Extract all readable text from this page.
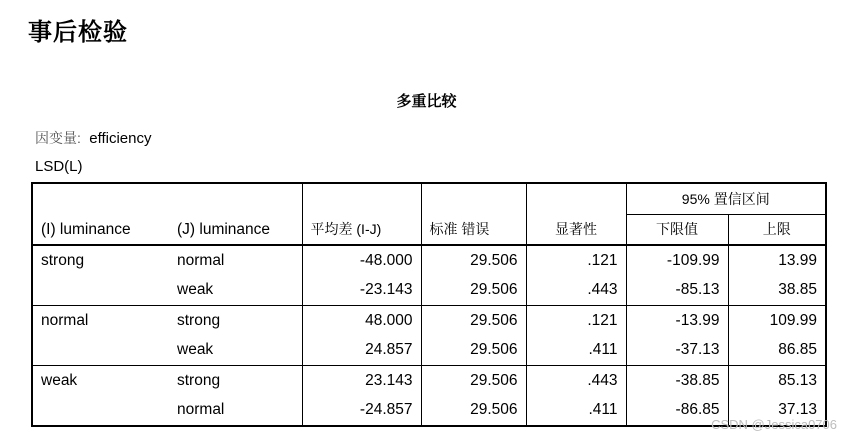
事后检验
多重比较
因变量: efficiency
LSD(L)
(I) luminance	(J) luminance	平均差 (I-J)	标准 错误	显著性	95% 置信区间	
					下限值	上限
strong	normal	-48.000	29.506	.121	-109.99	13.99
	weak	-23.143	29.506	.443	-85.13	38.85
normal	strong	48.000	29.506	.121	-13.99	109.99
	weak	24.857	29.506	.411	-37.13	86.85
weak	strong	23.143	29.506	.443	-38.85	85.13
	normal	-24.857	29.506	.411	-86.85	37.13
CSDN @Jessica0706
